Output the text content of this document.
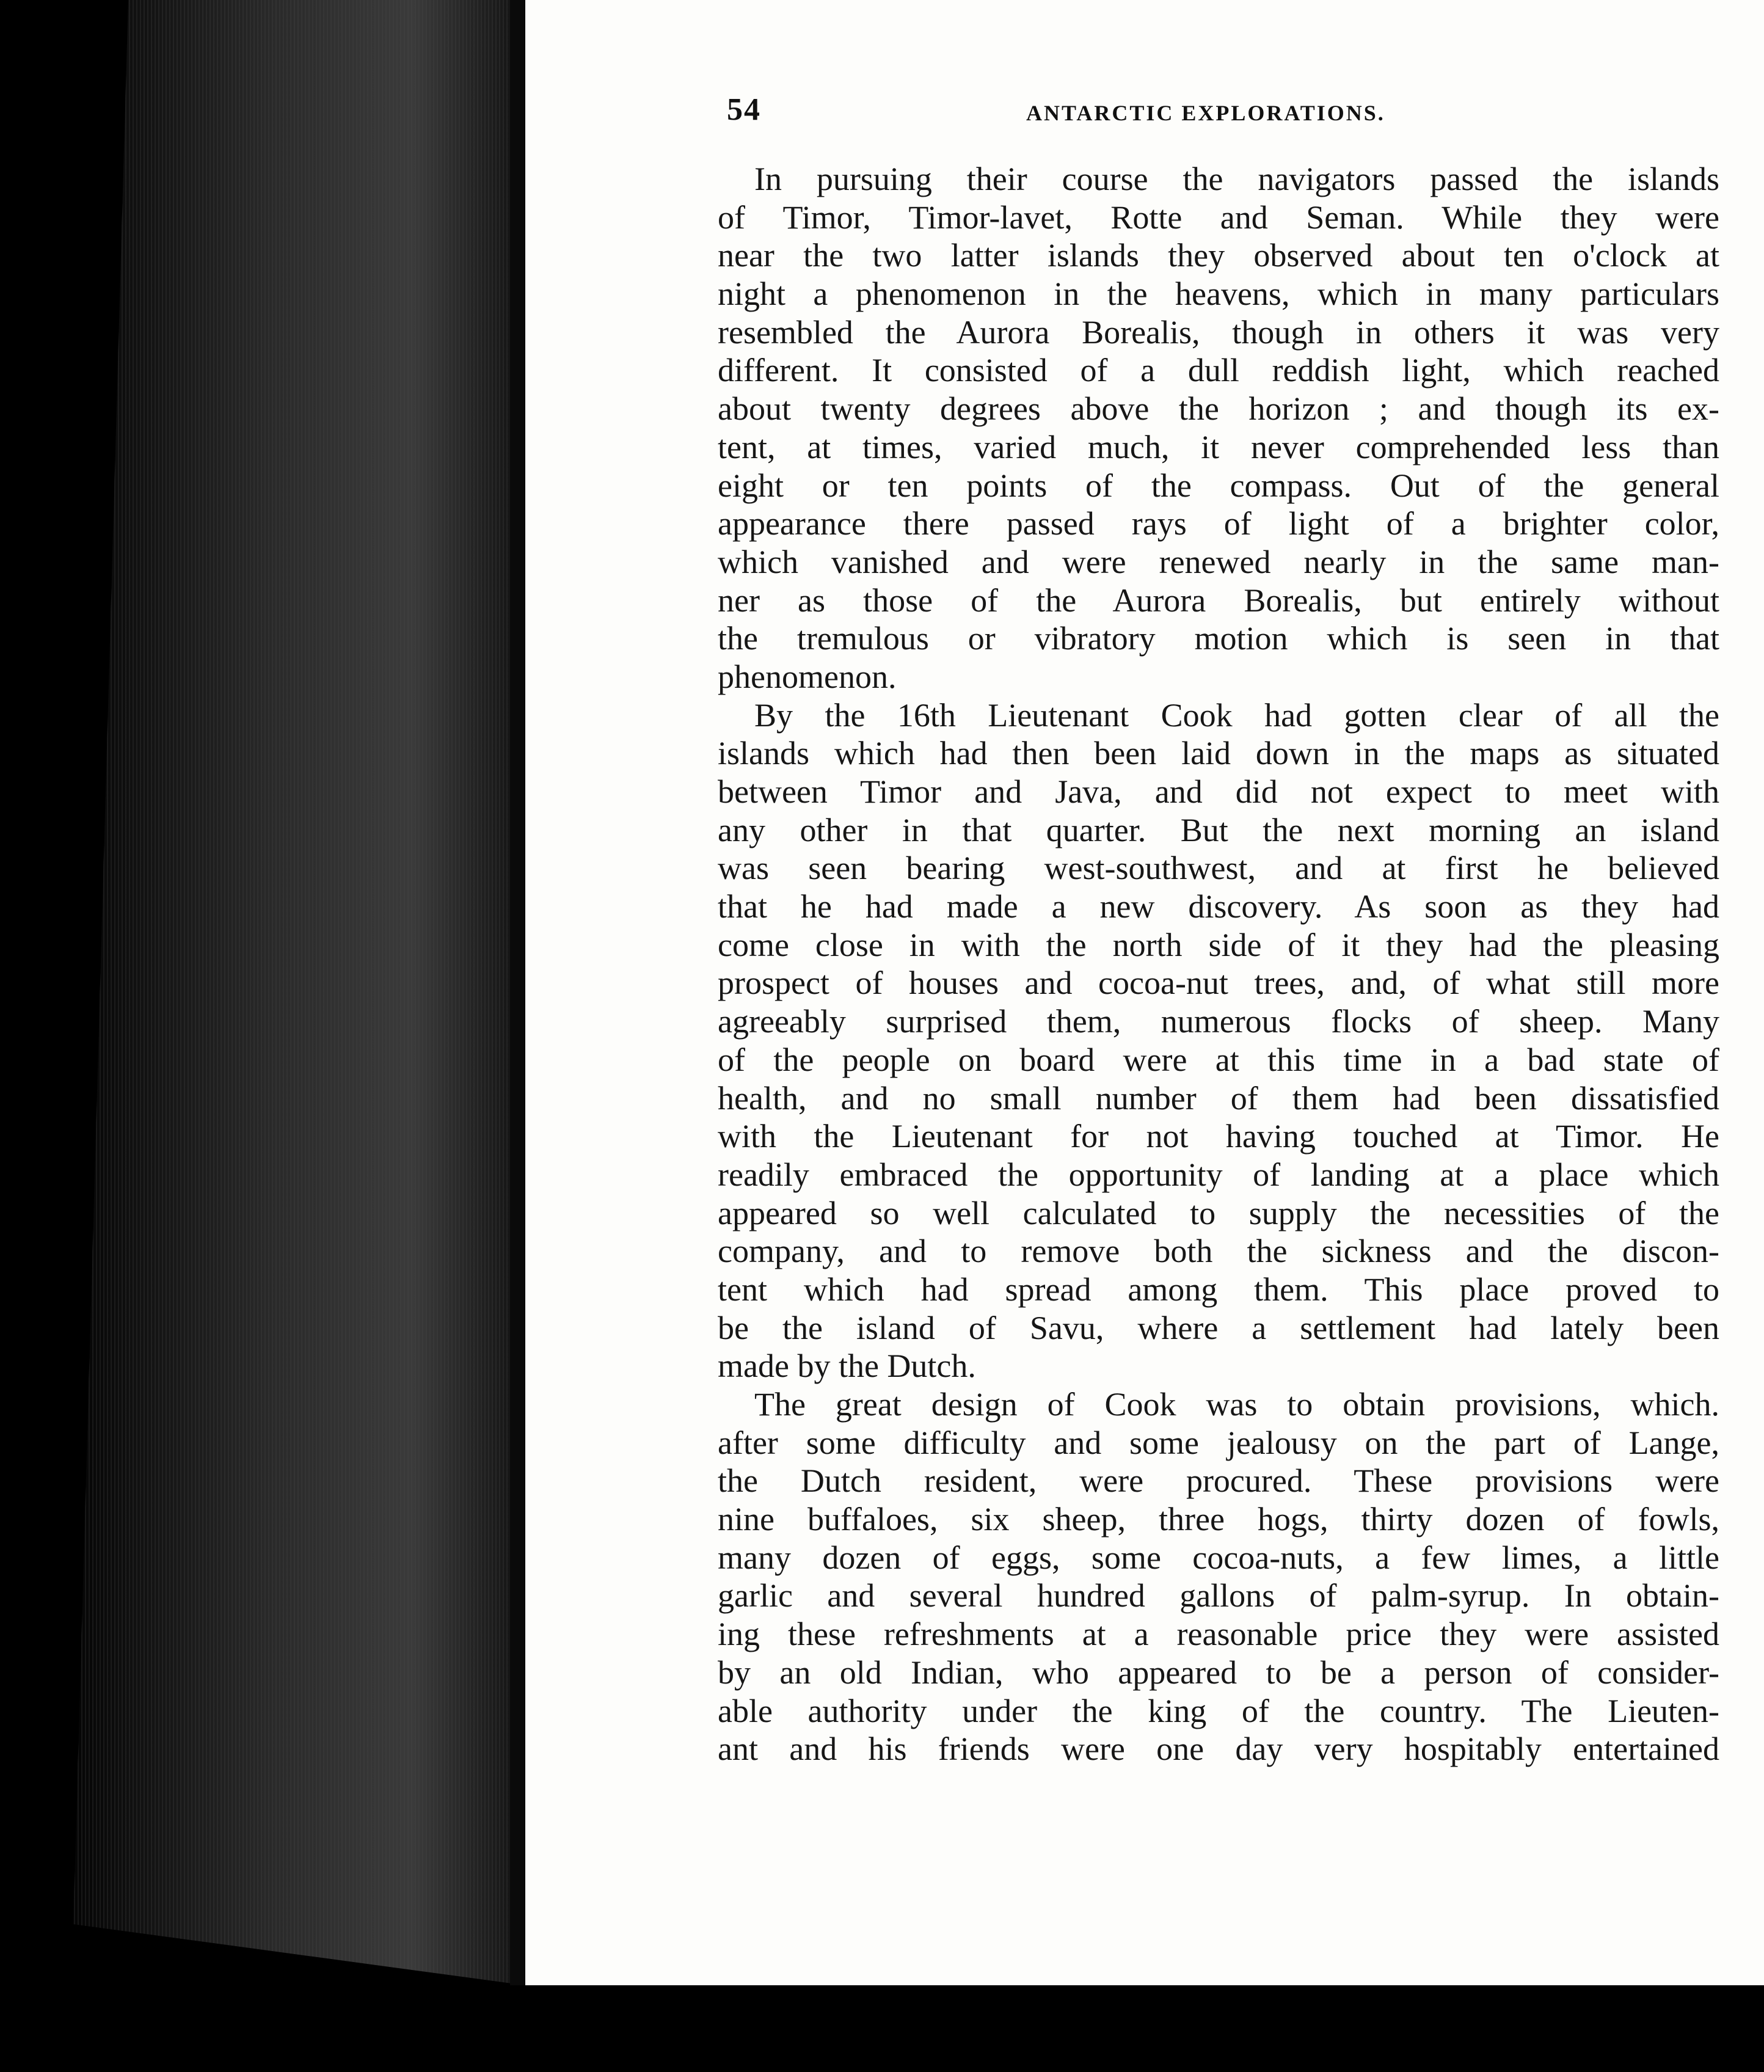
54	ANTARCTIC EXPLORATIONS.
In pursuing their course the navigators passed the islands
of Timor, Timor-lavet, Rotte and Seman. While they were
near the two latter islands they observed about ten o'clock at
night a phenomenon in the heavens, which in many particulars
resembled the Aurora Borealis, though in others it was very
different. It consisted of a dull reddish light, which reached
about twenty degrees above the horizon ; and though its ex-
tent, at times, varied much, it never comprehended less than
eight or ten points of the compass. Out of the general
appearance there passed rays of light of a brighter color,
which vanished and were renewed nearly in the same man-
ner as those of the Aurora Borealis, but entirely without
the tremulous or vibratory motion which is seen in that
phenomenon.
By the 16th Lieutenant Cook had gotten clear of all the
islands which had then been laid down in the maps as situated
between Timor and Java, and did not expect to meet with
any other in that quarter. But the next morning an island
was seen bearing west-southwest, and at first he believed
that he had made a new discovery. As soon as they had
come close in with the north side of it they had the pleasing
prospect of houses and cocoa-nut trees, and, of what still more
agreeably surprised them, numerous flocks of sheep. Many
of the people on board were at this time in a bad state of
health, and no small number of them had been dissatisfied
with the Lieutenant for not having touched at Timor. He
readily embraced the opportunity of landing at a place which
appeared so well calculated to supply the necessities of the
company, and to remove both the sickness and the discon-
tent which had spread among them. This place proved to
be the island of Savu, where a settlement had lately been
made by the Dutch.
The great design of Cook was to obtain provisions, which.
after some difficulty and some jealousy on the part of Lange,
the Dutch resident, were procured. These provisions were
nine buffaloes, six sheep, three hogs, thirty dozen of fowls,
many dozen of eggs, some cocoa-nuts, a few limes, a little
garlic and several hundred gallons of palm-syrup. In obtain-
ing these refreshments at a reasonable price they were assisted
by an old Indian, who appeared to be a person of consider-
able authority under the king of the country. The Lieuten-
ant and his friends were one day very hospitably entertained
